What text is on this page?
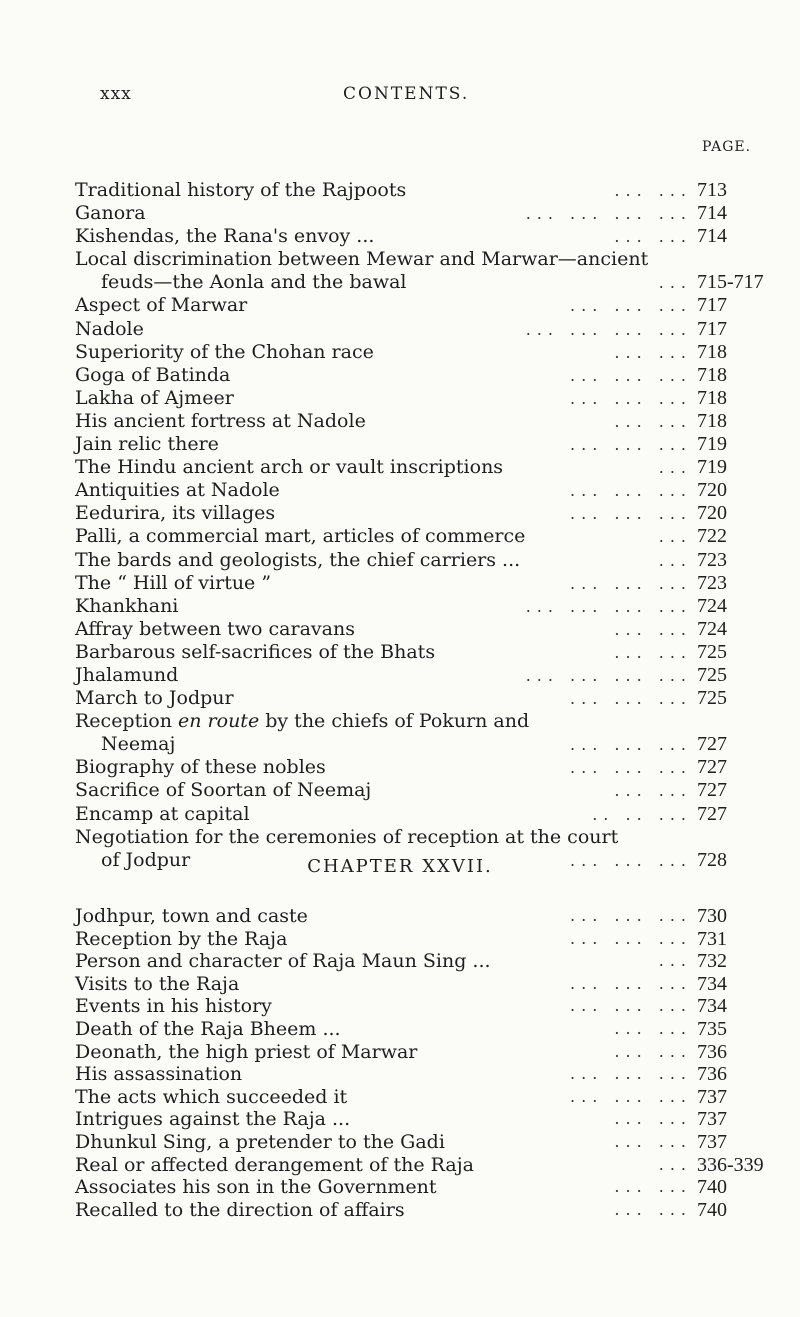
xxx	CONTENTS.
PAGE.
Traditional history of the Rajpoots	... ... 713
Ganora	... ... ... ... 714
Kishendas, the Rana's envoy ...	... ... 714
Local discrimination between Mewar and Marwar—ancient
feuds—the Aonla and the bawal	... 715-717
Aspect of Marwar	... ... ... 717
Nadole	... ... ... ... 717
Superiority of the Chohan race	... ... 718
Goga of Batinda	... ... ... 718
Lakha of Ajmeer	... ... ... 718
His ancient fortress at Nadole	... ... 718
Jain relic there	... ... ... 719
The Hindu ancient arch or vault inscriptions	... 719
Antiquities at Nadole	... ... ... 720
Eedurira, its villages	... ... ... 720
Palli, a commercial mart, articles of commerce	... 722
The bards and geologists, the chief carriers ...	... 723
The “ Hill of virtue ”	... ... ... 723
Khankhani	... ... ... ... 724
Affray between two caravans	... ... 724
Barbarous self-sacrifices of the Bhats	... ... 725
Jhalamund	... ... ... ... 725
March to Jodpur	... ... ... 725
Reception en route by the chiefs of Pokurn and
Neemaj	... ... ... 727
Biography of these nobles	... ... ... 727
Sacrifice of Soortan of Neemaj	... ... 727
Encamp at capital	.. .. ... 727
Negotiation for the ceremonies of reception at the court
of Jodpur	... ... ... 728
CHAPTER XXVII.
Jodhpur, town and caste	... ... ... 730
Reception by the Raja	... ... ... 731
Person and character of Raja Maun Sing ...	... 732
Visits to the Raja	... ... ... 734
Events in his history	... ... ... 734
Death of the Raja Bheem ...	... ... 735
Deonath, the high priest of Marwar	... ... 736
His assassination	... ... ... 736
The acts which succeeded it	... ... ... 737
Intrigues against the Raja ...	... ... 737
Dhunkul Sing, a pretender to the Gadi	... ... 737
Real or affected derangement of the Raja	... 336-339
Associates his son in the Government	... ... 740
Recalled to the direction of affairs	... ... 740
